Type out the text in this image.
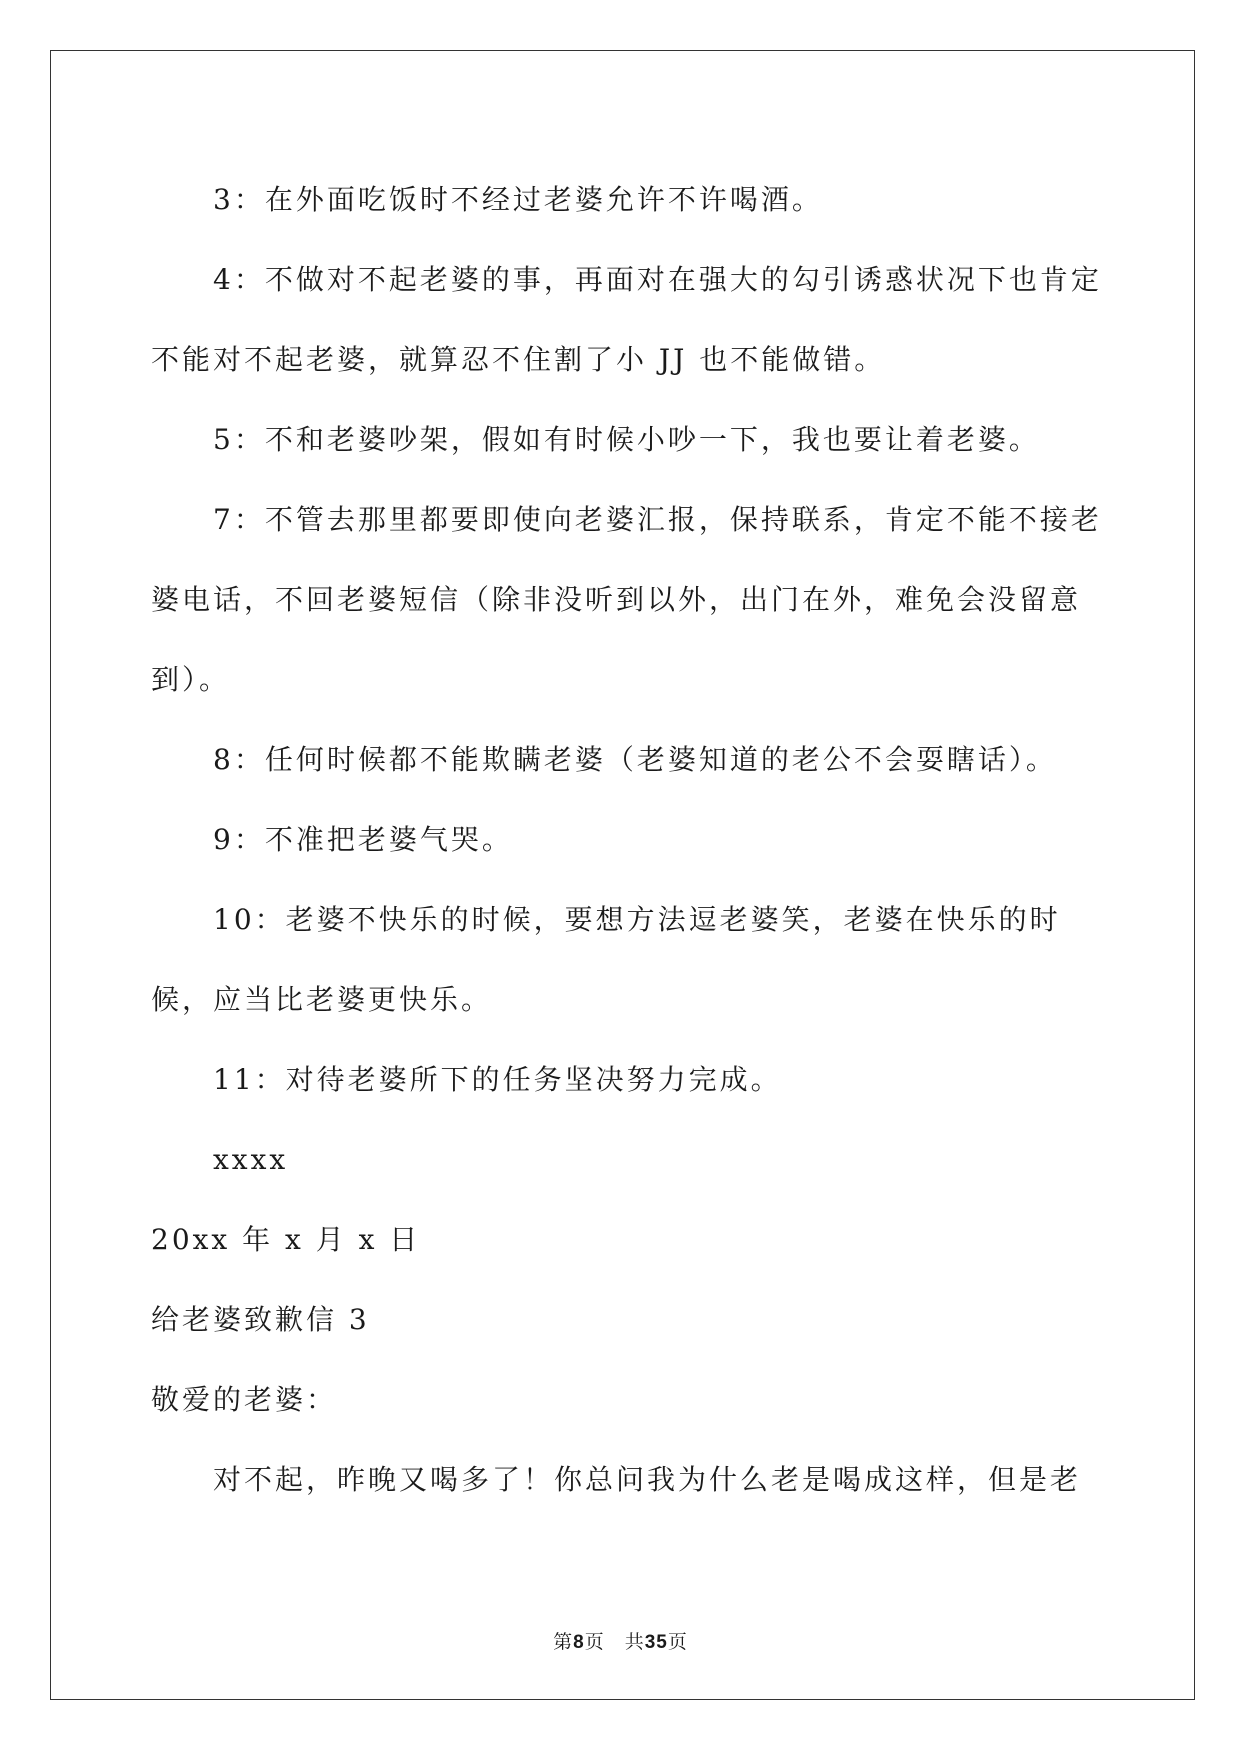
3：在外面吃饭时不经过老婆允许不许喝酒。

4：不做对不起老婆的事，再面对在强大的勾引诱惑状况下也肯定不能对不起老婆，就算忍不住割了小 JJ 也不能做错。

5：不和老婆吵架，假如有时候小吵一下，我也要让着老婆。

7：不管去那里都要即使向老婆汇报，保持联系，肯定不能不接老婆电话，不回老婆短信（除非没听到以外，出门在外，难免会没留意到）。

8：任何时候都不能欺瞒老婆（老婆知道的老公不会耍瞎话）。

9：不准把老婆气哭。

10：老婆不快乐的时候，要想方法逗老婆笑，老婆在快乐的时候，应当比老婆更快乐。

11：对待老婆所下的任务坚决努力完成。

xxxx

20xx 年 x 月 x 日

给老婆致歉信 3

敬爱的老婆：

对不起，昨晚又喝多了！你总问我为什么老是喝成这样，但是老

第8页 共35页
